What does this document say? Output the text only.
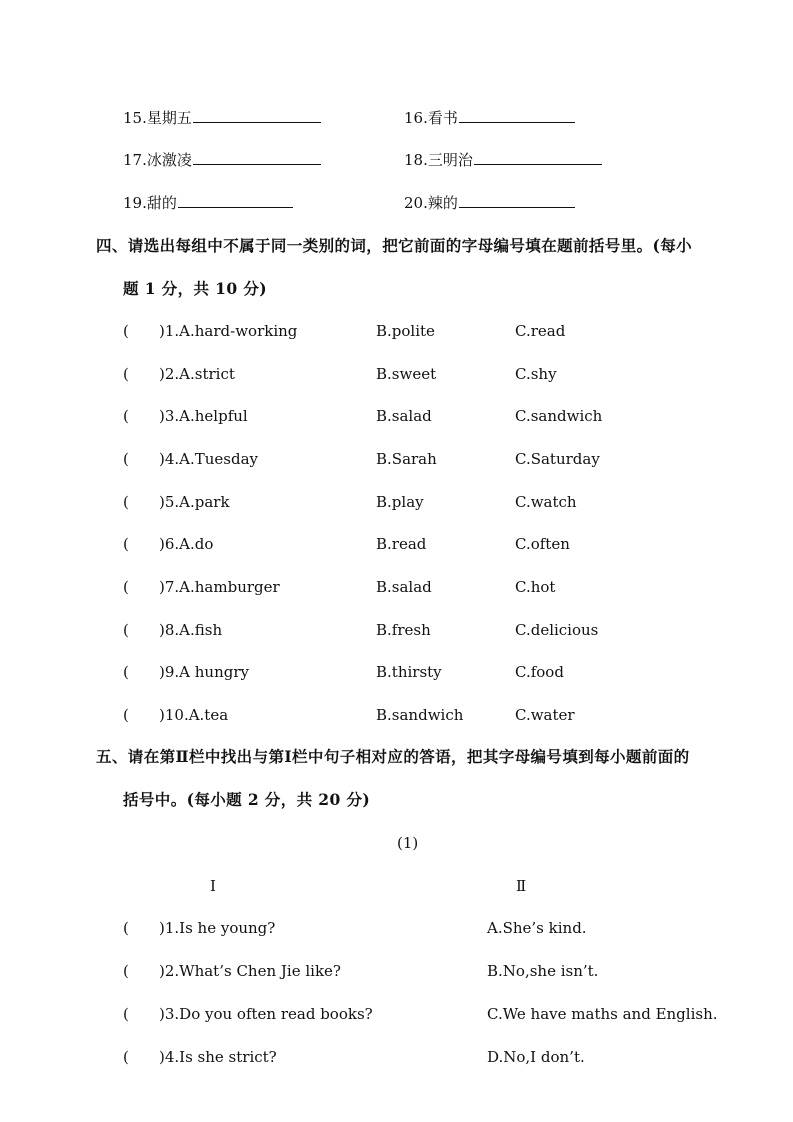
15.星期五	16.看书
17.冰激凌	18.三明治
19.甜的	20.辣的
四、请选出每组中不属于同一类别的词，把它前面的字母编号填在题前括号里。(每小
题 1 分，共 10 分)
( )1.A.hard-working	B.polite	C.read
( )2.A.strict	B.sweet	C.shy
( )3.A.helpful	B.salad	C.sandwich
( )4.A.Tuesday	B.Sarah	C.Saturday
( )5.A.park	B.play	C.watch
( )6.A.do	B.read	C.often
( )7.A.hamburger	B.salad	C.hot
( )8.A.fish	B.fresh	C.delicious
( )9.A hungry	B.thirsty	C.food
( )10.A.tea	B.sandwich	C.water
五、请在第Ⅱ栏中找出与第Ⅰ栏中句子相对应的答语，把其字母编号填到每小题前面的
括号中。(每小题 2 分，共 20 分)
(1)
Ⅰ	Ⅱ
( )1.Is he young?	A.She’s kind.
( )2.What’s Chen Jie like?	B.No,she isn’t.
( )3.Do you often read books?	C.We have maths and English.
( )4.Is she strict?	D.No,I don’t.
